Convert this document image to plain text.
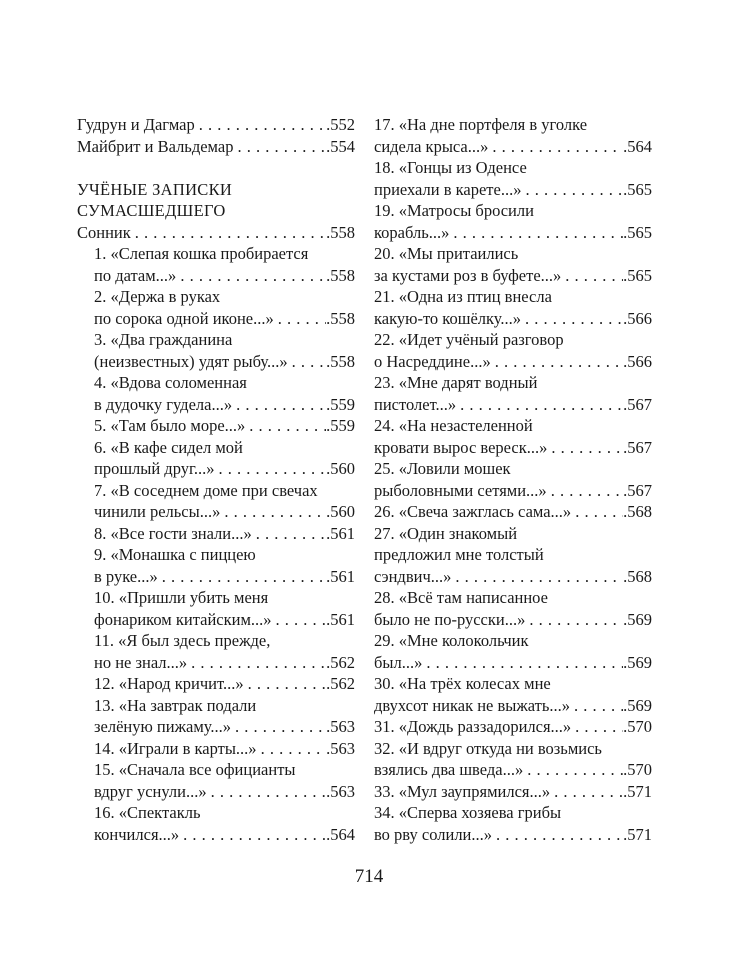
Гудрун и Дагмар . . .	.552
Майбрит и Вальдемар . . .	.554
УЧЁНЫЕ ЗАПИСКИ
СУМАСШЕДШЕГО
Сонник . . .	.558
1. «Слепая кошка пробирается
по датам...» . . .	.558
2. «Держа в руках
по сорока одной иконе...» . . .	.558
3. «Два гражданина
(неизвестных) удят рыбу...» . . . .558
4. «Вдова соломенная
в дудочку гудела...» . . .	.559
5. «Там было море...» . . .	.559
6. «В кафе сидел мой
прошлый друг...» . . .	.560
7. «В соседнем доме при свечах
чинили рельсы...» . . .	.560
8. «Все гости знали...» . . .	.561
9. «Монашка с пиццею
в руке...» . . .	.561
10. «Пришли убить меня
фонариком китайским...» . . .	.561
11. «Я был здесь прежде,
но не знал...» . . .	.562
12. «Народ кричит...» . . .	.562
13. «На завтрак подали
зелёную пижаму...» . . .	.563
14. «Играли в карты...» . . .	.563
15. «Сначала все официанты
вдруг уснули...» . . .	.563
16. «Спектакль
кончился...» . . .	.564
17. «На дне портфеля в уголке
сидела крыса...» . . .	.564
18. «Гонцы из Оденсе
приехали в карете...» . . .	.565
19. «Матросы бросили
корабль...» . . .	.565
20. «Мы притаились
за кустами роз в буфете...» . . .	.565
21. «Одна из птиц внесла
какую-то кошёлку...» . . .	.566
22. «Идет учёный разговор
о Насреддине...» . . .	.566
23. «Мне дарят водный
пистолет...» . . .	.567
24. «На незастеленной
кровати вырос вереск...» . . .	.567
25. «Ловили мошек
рыболовными сетями...» . . .	.567
26. «Свеча зажглась сама...» . . .	.568
27. «Один знакомый
предложил мне толстый
сэндвич...» . . .	.568
28. «Всё там написанное
было не по-русски...» . . .	.569
29. «Мне колокольчик
был...» . . .	.569
30. «На трёх колесах мне
двухсот никак не выжать...» . . .	.569
31. «Дождь раззадорился...» . . .	.570
32. «И вдруг откуда ни возьмись
взялись два шведа...» . . .	.570
33. «Мул заупрямился...» . . .	.571
34. «Сперва хозяева грибы
во рву солили...» . . .	.571
714
